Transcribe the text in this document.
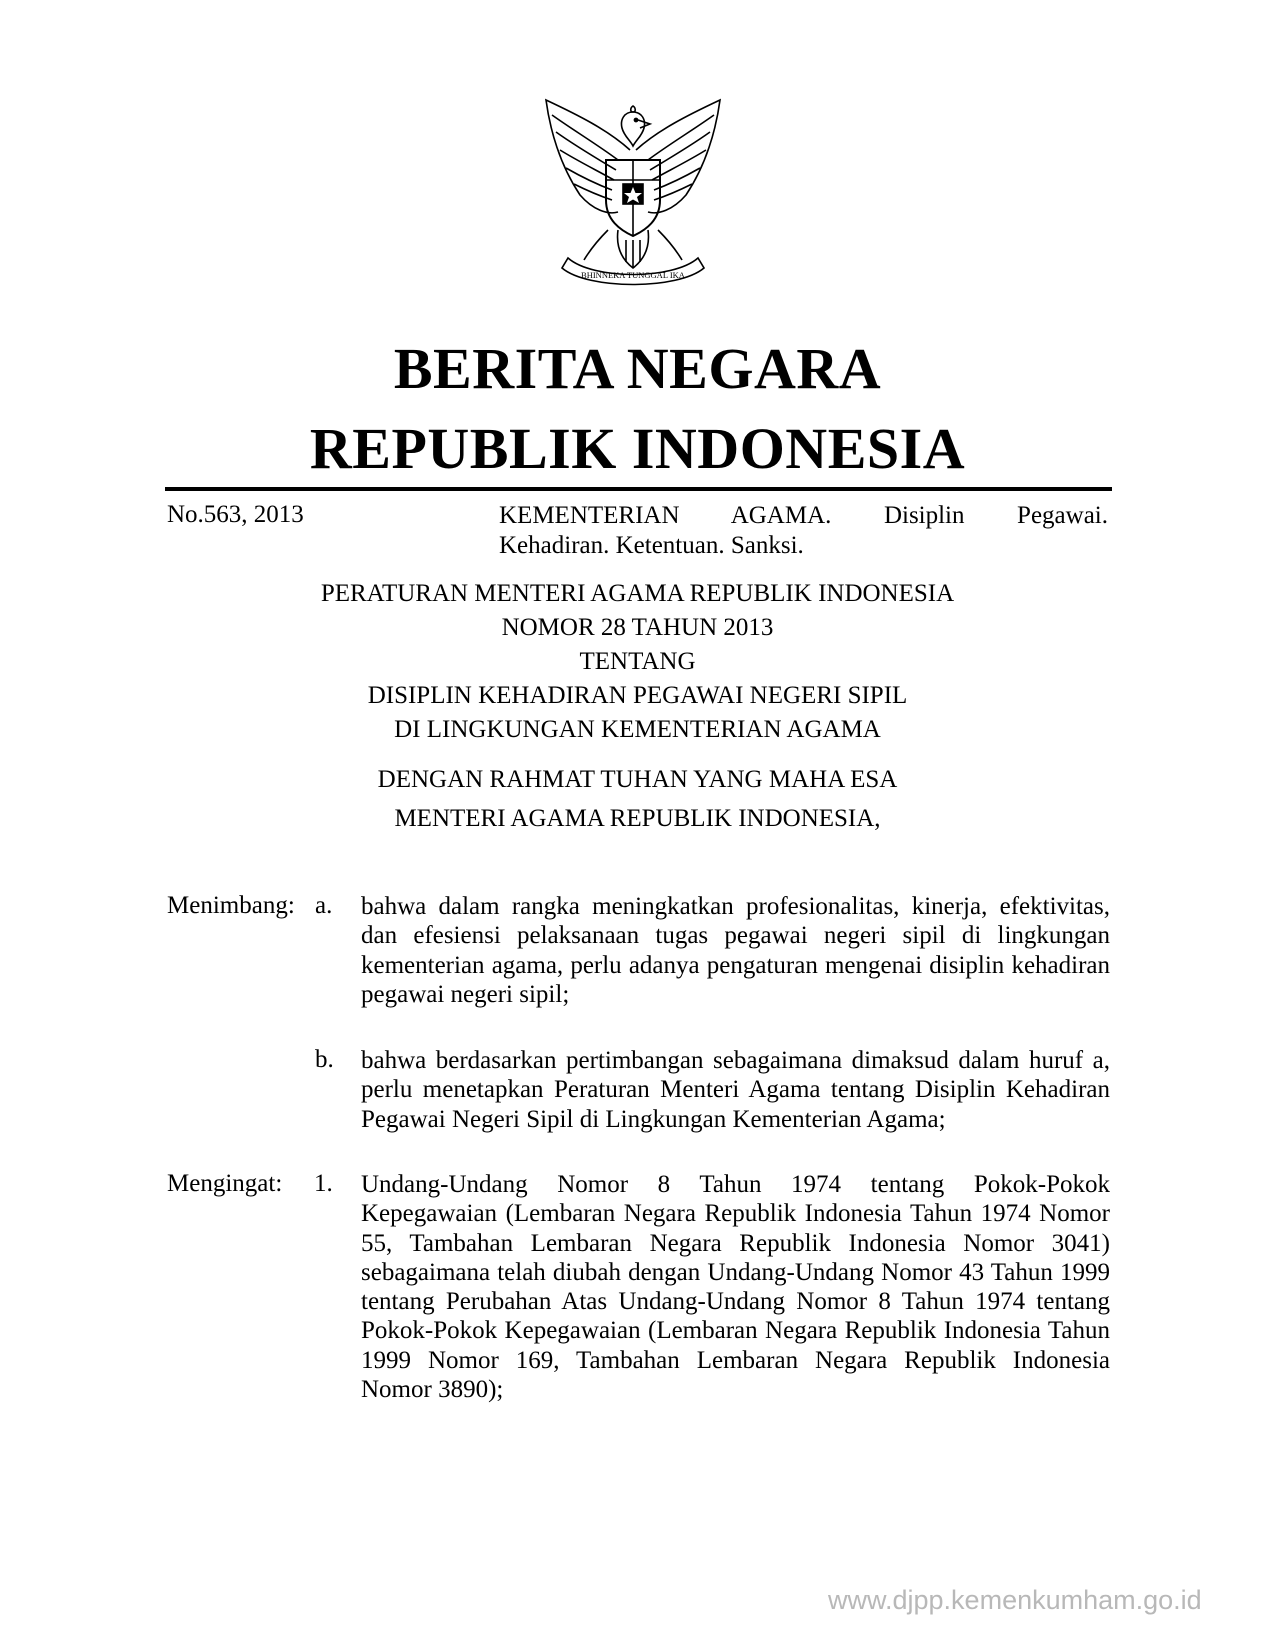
BHINNEKA TUNGGAL IKA
BERITA NEGARA
REPUBLIK INDONESIA
No.563, 2013	KEMENTERIAN AGAMA. Disiplin Pegawai.
Kehadiran. Ketentuan. Sanksi.
PERATURAN MENTERI AGAMA REPUBLIK INDONESIA
NOMOR 28 TAHUN 2013
TENTANG
DISIPLIN KEHADIRAN PEGAWAI NEGERI SIPIL
DI LINGKUNGAN KEMENTERIAN AGAMA
DENGAN RAHMAT TUHAN YANG MAHA ESA
MENTERI AGAMA REPUBLIK INDONESIA,
Menimbang: a. bahwa dalam rangka meningkatkan profesionalitas, kinerja, efektivitas, dan efesiensi pelaksanaan tugas pegawai negeri sipil di lingkungan kementerian agama, perlu adanya pengaturan mengenai disiplin kehadiran pegawai negeri sipil;
b. bahwa berdasarkan pertimbangan sebagaimana dimaksud dalam huruf a, perlu menetapkan Peraturan Menteri Agama tentang Disiplin Kehadiran Pegawai Negeri Sipil di Lingkungan Kementerian Agama;
Mengingat: 1. Undang-Undang Nomor 8 Tahun 1974 tentang Pokok-Pokok Kepegawaian (Lembaran Negara Republik Indonesia Tahun 1974 Nomor 55, Tambahan Lembaran Negara Republik Indonesia Nomor 3041) sebagaimana telah diubah dengan Undang-Undang Nomor 43 Tahun 1999 tentang Perubahan Atas Undang-Undang Nomor 8 Tahun 1974 tentang Pokok-Pokok Kepegawaian (Lembaran Negara Republik Indonesia Tahun 1999 Nomor 169, Tambahan Lembaran Negara Republik Indonesia Nomor 3890);
www.djpp.kemenkumham.go.id
